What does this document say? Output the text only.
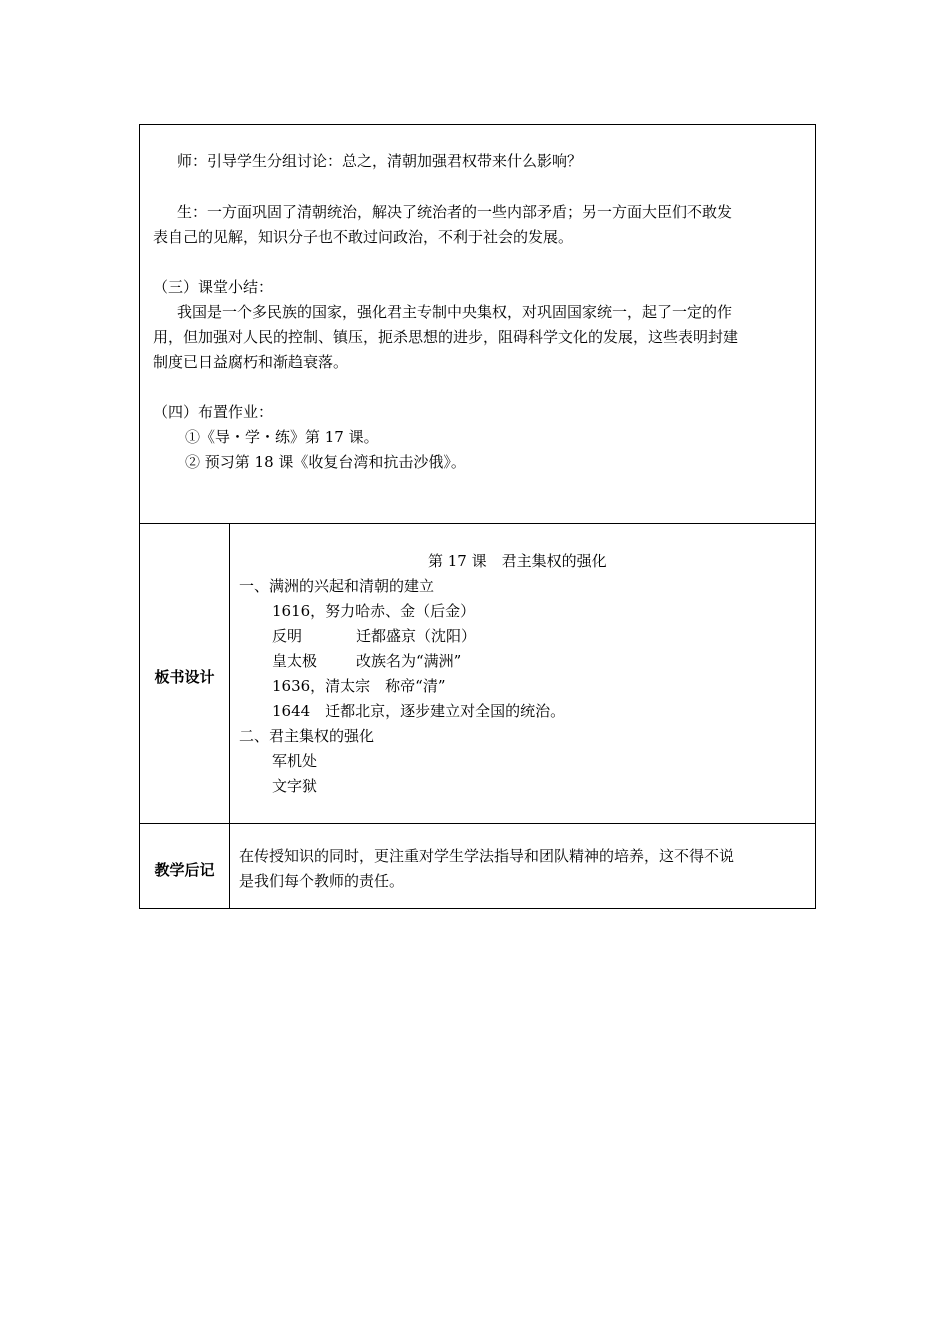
师：引导学生分组讨论：总之，清朝加强君权带来什么影响？
生：一方面巩固了清朝统治，解决了统治者的一些内部矛盾；另一方面大臣们不敢发
表自己的见解，知识分子也不敢过问政治，不利于社会的发展。
（三）课堂小结：
我国是一个多民族的国家，强化君主专制中央集权，对巩固国家统一，起了一定的作
用，但加强对人民的控制、镇压，扼杀思想的进步，阻碍科学文化的发展，这些表明封建
制度已日益腐朽和渐趋衰落。
（四）布置作业：
①《导・学・练》第 17 课。
② 预习第 18 课《收复台湾和抗击沙俄》。
板书设计
第 17 课　君主集权的强化
一、满洲的兴起和清朝的建立
1616，努力哈赤、金（后金）
反明	迁都盛京（沈阳）
皇太极	改族名为“满洲”
1636，清太宗　称帝“清”
1644　迁都北京，逐步建立对全国的统治。
二、君主集权的强化
军机处
文字狱
教学后记
在传授知识的同时，更注重对学生学法指导和团队精神的培养，这不得不说
是我们每个教师的责任。
